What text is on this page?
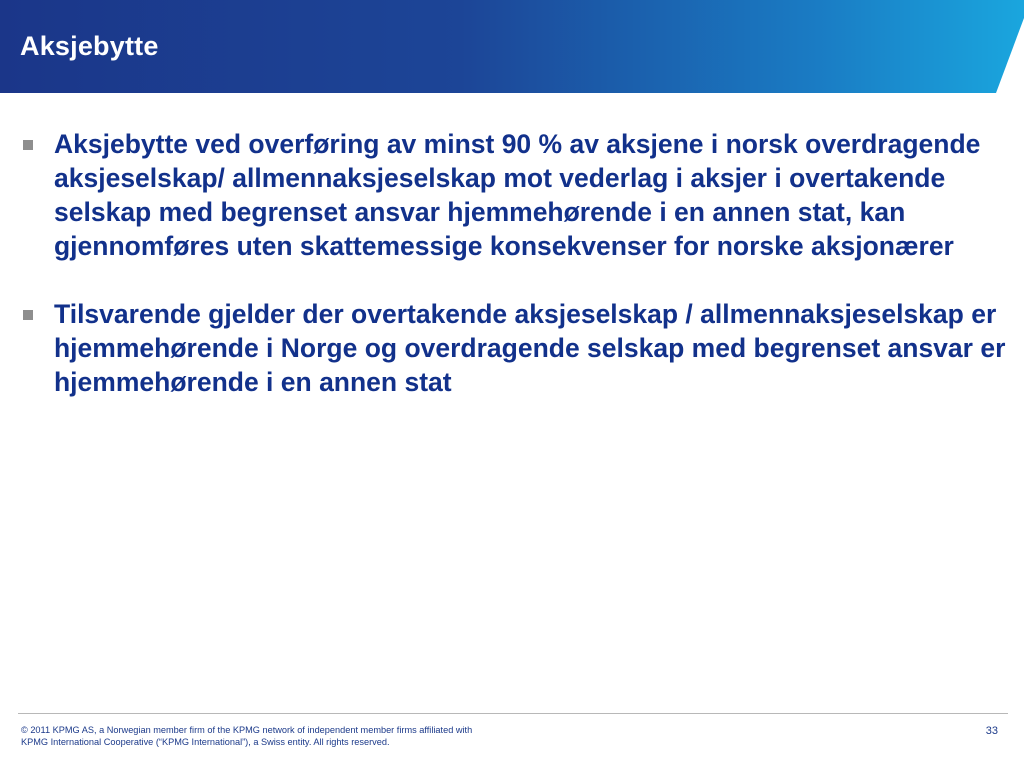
Aksjebytte
Aksjebytte ved overføring av minst 90 % av aksjene i norsk overdragende aksjeselskap/ allmennaksjeselskap mot vederlag i aksjer i overtakende selskap med begrenset ansvar hjemmehørende i en annen stat, kan gjennomføres uten skattemessige konsekvenser for norske aksjonærer
Tilsvarende gjelder der overtakende aksjeselskap / allmennaksjeselskap er hjemmehørende i Norge og overdragende selskap med begrenset ansvar er hjemmehørende i en annen stat
© 2011 KPMG AS, a Norwegian member firm of the KPMG network of independent member firms affiliated with
KPMG International Cooperative (“KPMG International”), a Swiss entity. All rights reserved.
33
